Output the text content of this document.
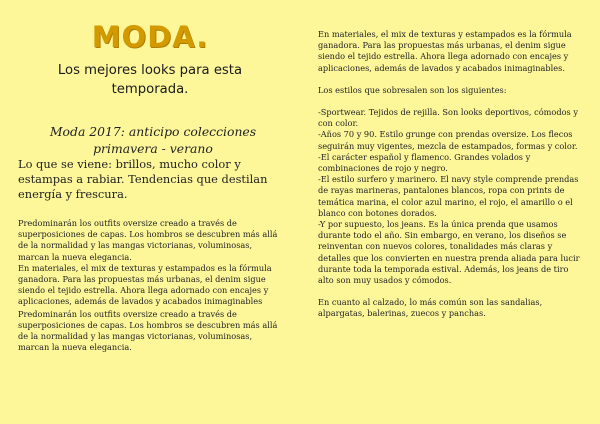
MODA.
Los mejores looks para esta
temporada.
Moda 2017: anticipo colecciones primavera - verano
Lo que se viene: brillos, mucho color y estampas a rabiar. Tendencias que destilan energía y frescura.

Predominarán los outfits oversize creado a través de superposiciones de capas. Los hombros se descubren más allá de la normalidad y las mangas victorianas, voluminosas, marcan la nueva elegancia.

En materiales, el mix de texturas y estampados es la fórmula ganadora. Para las propuestas más urbanas, el denim sigue siendo el tejido estrella. Ahora llega adornado con encajes y aplicaciones, además de lavados y acabados inimaginables

Predominarán los outfits oversize creado a través de superposiciones de capas. Los hombros se descubren más allá de la normalidad y las mangas victorianas, voluminosas, marcan la nueva elegancia.

En materiales, el mix de texturas y estampados es la fórmula ganadora. Para las propuestas más urbanas, el denim sigue siendo el tejido estrella. Ahora llega adornado con encajes y aplicaciones, además de lavados y acabados inimaginables.

Los estilos que sobresalen son los siguientes:

-Sportwear. Tejidos de rejilla. Son looks deportivos, cómodos y con color.
-Años 70 y 90. Estilo grunge con prendas oversize. Los flecos seguirán muy vigentes, mezcla de estampados, formas y color.
-El carácter español y flamenco. Grandes volados y combinaciones de rojo y negro.
-El estilo surfero y marinero. El navy style comprende prendas de rayas marineras, pantalones blancos, ropa con prints de temática marina, el color azul marino, el rojo, el amarillo o el blanco con botones dorados.
-Y por supuesto, los jeans. Es la única prenda que usamos durante todo el año. Sin embargo, en verano, los diseños se reinventan con nuevos colores, tonalidades más claras y detalles que los convierten en nuestra prenda aliada para lucir durante toda la temporada estival. Además, los jeans de tiro alto son muy usados y cómodos.

En cuanto al calzado, lo más común son las sandalias, alpargatas, balerinas, zuecos y panchas.
